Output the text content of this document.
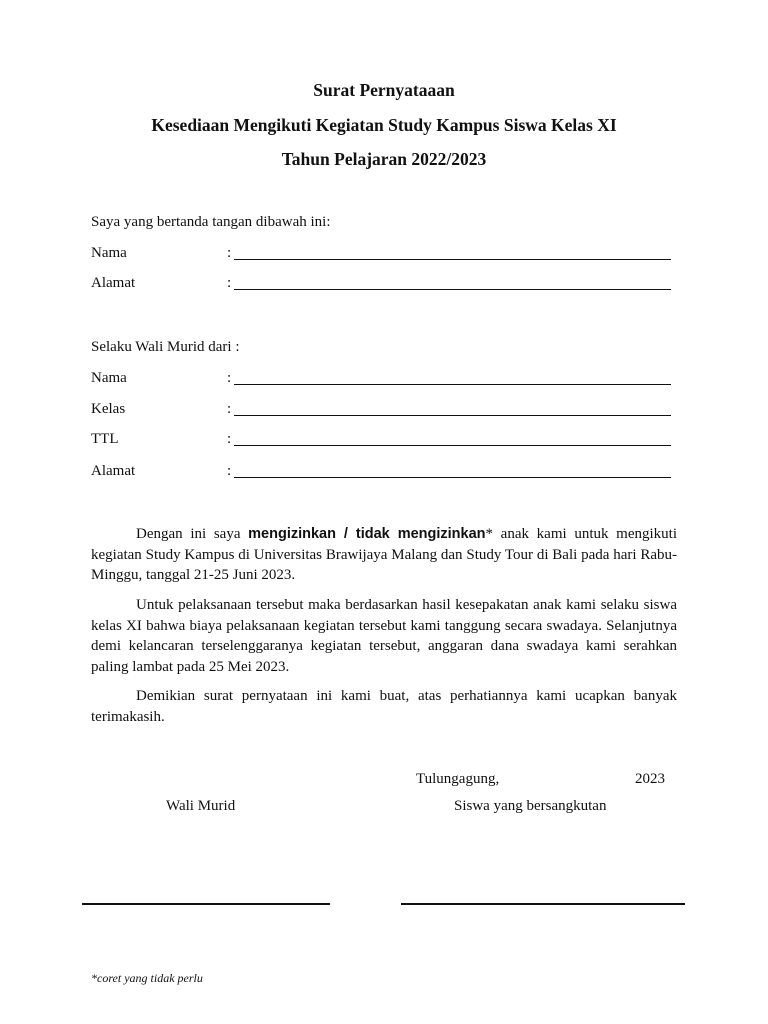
Surat Pernyataaan
Kesediaan Mengikuti Kegiatan Study Kampus Siswa Kelas XI
Tahun Pelajaran 2022/2023
Saya yang bertanda tangan dibawah ini:
Nama	:
Alamat	:
Selaku Wali Murid dari :
Nama	:
Kelas	:
TTL	:
Alamat	:
Dengan ini saya mengizinkan / tidak mengizinkan* anak kami untuk mengikuti kegiatan Study Kampus di Universitas Brawijaya Malang dan Study Tour di Bali pada hari Rabu-Minggu, tanggal 21-25 Juni 2023.
Untuk pelaksanaan tersebut maka berdasarkan hasil kesepakatan anak kami selaku siswa kelas XI bahwa biaya pelaksanaan kegiatan tersebut kami tanggung secara swadaya. Selanjutnya demi kelancaran terselenggaranya kegiatan tersebut, anggaran dana swadaya kami serahkan paling lambat pada 25 Mei 2023.
Demikian surat pernyataan ini kami buat, atas perhatiannya kami ucapkan banyak terimakasih.
Tulungagung,	2023
Wali Murid	Siswa yang bersangkutan
*coret yang tidak perlu
